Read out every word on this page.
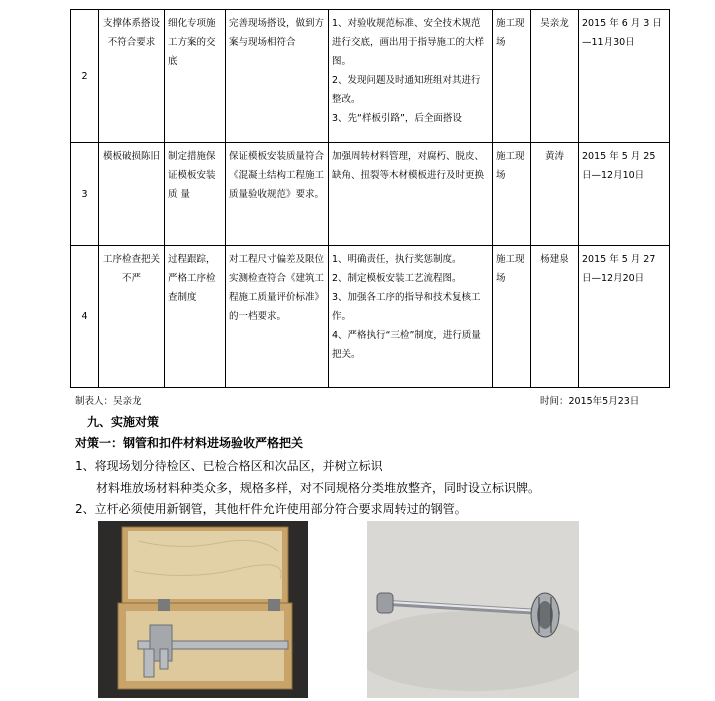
2	支撑体系搭设不符合要求	细化专项施工方案的交底	完善现场搭设，做到方案与现场相符合	1、对验收规范标准、安全技术规范进行交底，画出用于指导施工的大样图。
2、发现问题及时通知班组对其进行整改。
3、先“样板引路”，后全面搭设	施工现场	吴亲龙	2015 年 6 月 3 日—11月30日
3	模板破损陈旧	制定措施保证模板安装质 量	保证模板安装质量符合《混凝土结构工程施工质量验收规范》要求。	加强周转材料管理，对腐朽、脱皮、缺角、扭裂等木材模板进行及时更换	施工现场	黄涛	2015 年 5 月 25 日—12月10日
4	工序检查把关不严	过程跟踪，严格工序检查制度	对工程尺寸偏差及限位实测检查符合《建筑工程施工质量评价标准》的一档要求。	1、明确责任，执行奖惩制度。
2、制定模板安装工艺流程图。
3、加强各工序的指导和技术复核工作。
4、严格执行“三检”制度，进行质量把关。	施工现场	杨建泉	2015 年 5 月 27 日—12月20日
制表人：吴亲龙	时间：2015年5月23日
九、实施对策
对策一：钢管和扣件材料进场验收严格把关
1、将现场划分待检区、已检合格区和次品区，并树立标识
材料堆放场材料种类众多，规格多样，对不同规格分类堆放整齐，同时设立标识牌。
2、立杆必须使用新钢管，其他杆件允许使用部分符合要求周转过的钢管。
